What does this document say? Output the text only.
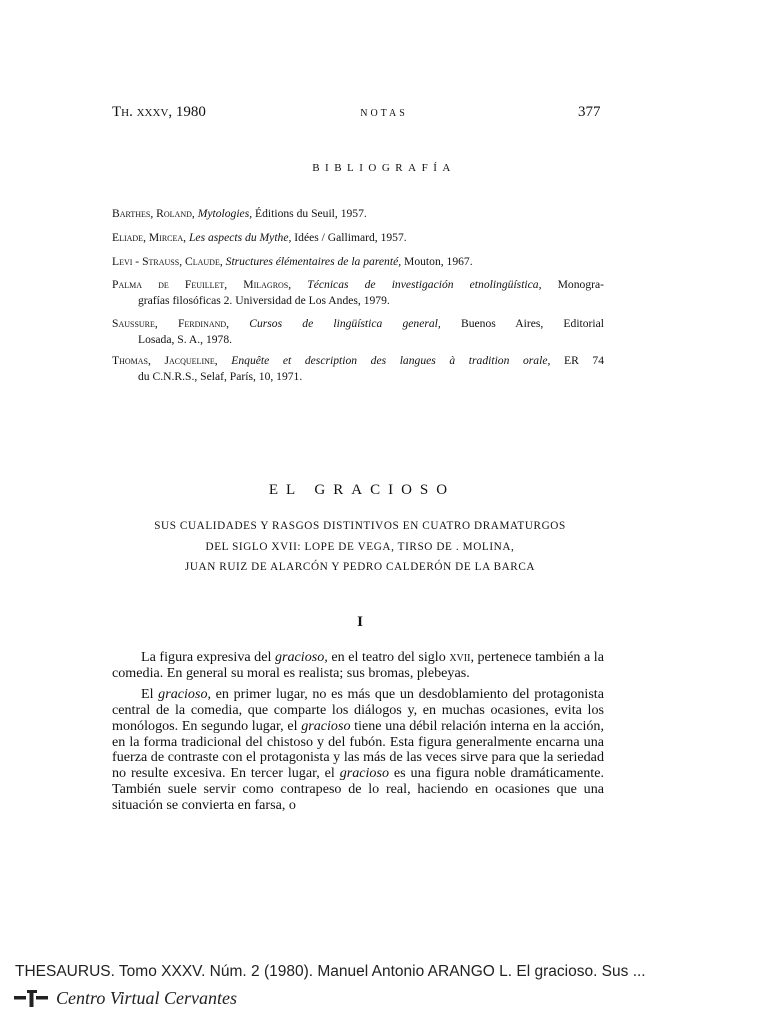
Th. xxxv, 1980	NOTAS	377
BIBLIOGRAFÍA
Barthes, Roland, Mytologies, Éditions du Seuil, 1957.
Eliade, Mircea, Les aspects du Mythe, Idées / Gallimard, 1957.
Levi - Strauss, Claude, Structures élémentaires de la parenté, Mouton, 1967.
Palma de Feuillet, Milagros, Técnicas de investigación etnolingüística, Monogra-
grafías filosóficas 2. Universidad de Los Andes, 1979.
Saussure, Ferdinand, Cursos de lingüística general, Buenos Aires, Editorial
Losada, S. A., 1978.
Thomas, Jacqueline, Enquête et description des langues à tradition orale, ER 74
du C.N.R.S., Selaf, París, 10, 1971.
EL GRACIOSO
SUS CUALIDADES Y RASGOS DISTINTIVOS EN CUATRO DRAMATURGOS
DEL SIGLO XVII: LOPE DE VEGA, TIRSO DE . MOLINA,
JUAN RUIZ DE ALARCÓN Y PEDRO CALDERÓN DE LA BARCA
I

La figura expresiva del gracioso, en el teatro del siglo xvii, pertenece también a la comedia. En general su moral es realista; sus bromas, plebeyas.

El gracioso, en primer lugar, no es más que un desdoblamiento del protagonista central de la comedia, que comparte los diálogos y, en muchas ocasiones, evita los monólogos. En segundo lugar, el gracioso tiene una débil relación interna en la acción, en la forma tradicional del chistoso y del fubón. Esta figura generalmente encarna una fuerza de contraste con el protagonista y las más de las veces sirve para que la seriedad no resulte excesiva. En tercer lugar, el gracioso es una figura noble dramáticamente. También suele servir como contrapeso de lo real, haciendo en ocasiones que una situación se convierta en farsa, o

THESAURUS. Tomo XXXV. Núm. 2 (1980). Manuel Antonio ARANGO L. El gracioso. Sus ...
Centro Virtual Cervantes
